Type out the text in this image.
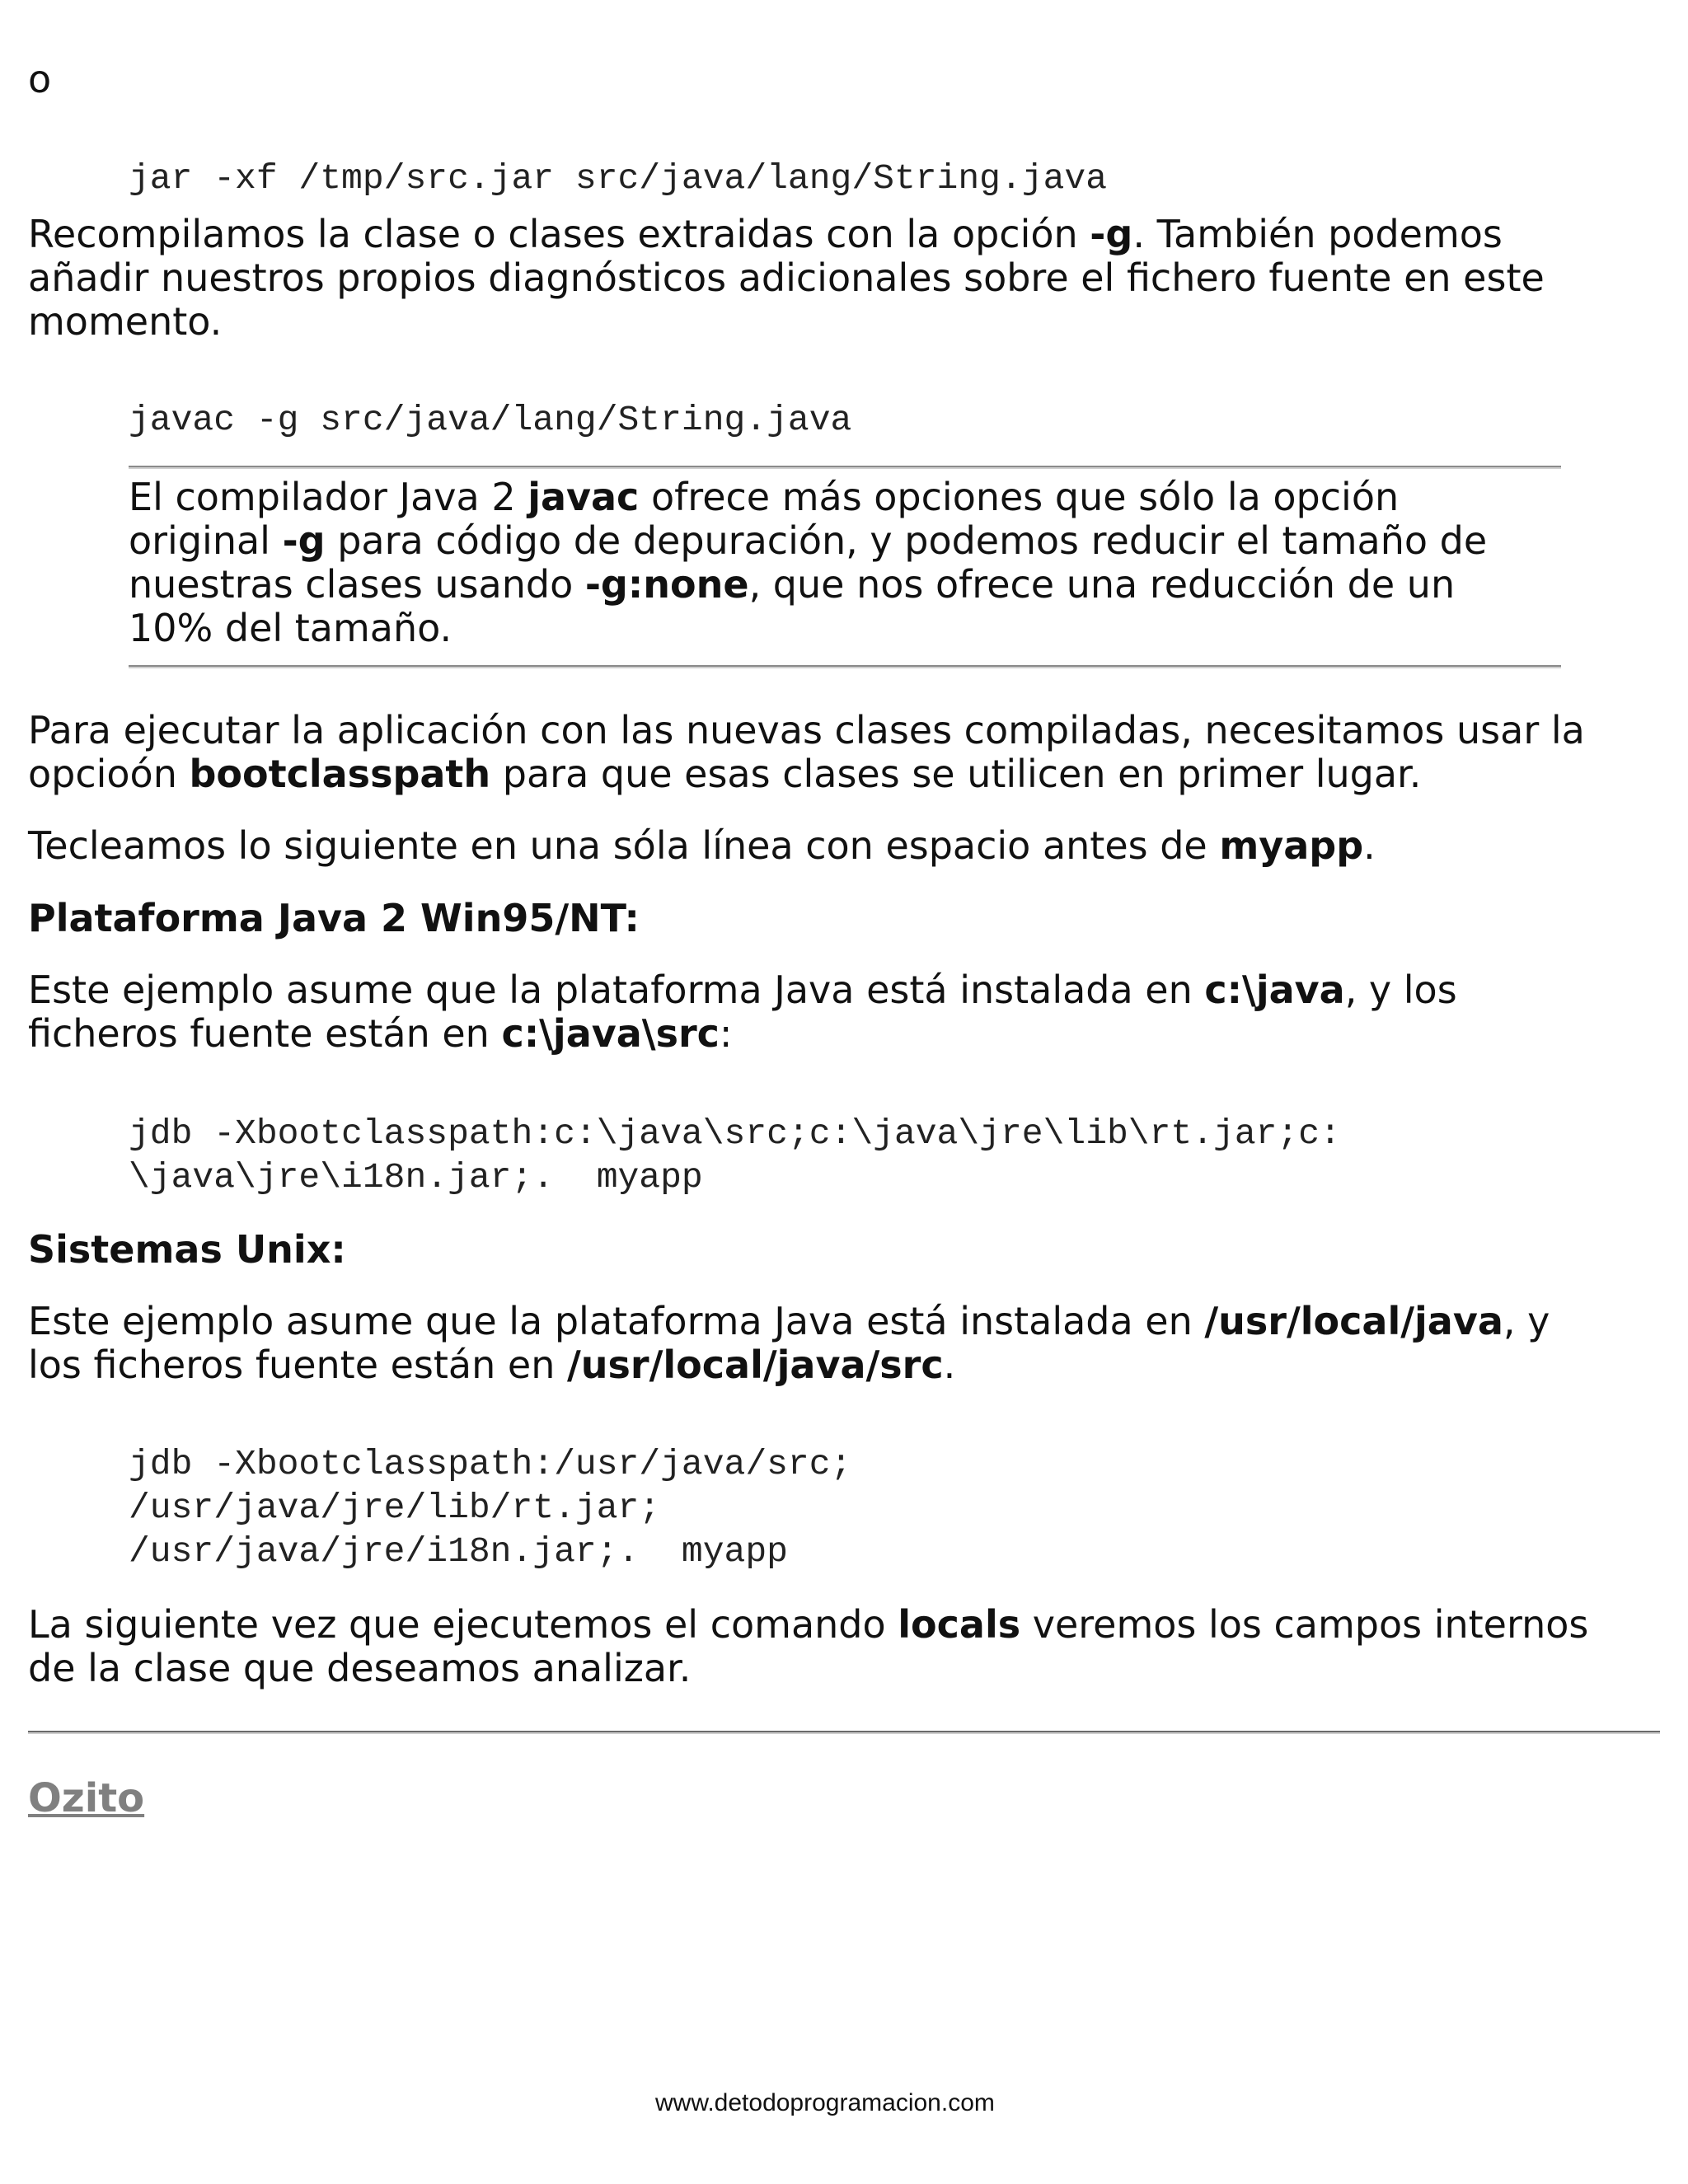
o
jar -xf /tmp/src.jar src/java/lang/String.java
Recompilamos la clase o clases extraidas con la opción -g. También podemos
añadir nuestros propios diagnósticos adicionales sobre el fichero fuente en este
momento.
javac -g src/java/lang/String.java
El compilador Java 2 javac ofrece más opciones que sólo la opción
original -g para código de depuración, y podemos reducir el tamaño de
nuestras clases usando -g:none, que nos ofrece una reducción de un
10% del tamaño.
Para ejecutar la aplicación con las nuevas clases compiladas, necesitamos usar la
opcioón bootclasspath para que esas clases se utilicen en primer lugar.
Tecleamos lo siguiente en una sóla línea con espacio antes de myapp.
Plataforma Java 2 Win95/NT:
Este ejemplo asume que la plataforma Java está instalada en c:\java, y los
ficheros fuente están en c:\java\src:
jdb -Xbootclasspath:c:\java\src;c:\java\jre\lib\rt.jar;c:
\java\jre\i18n.jar;.  myapp
Sistemas Unix:
Este ejemplo asume que la plataforma Java está instalada en /usr/local/java, y
los ficheros fuente están en /usr/local/java/src.
jdb -Xbootclasspath:/usr/java/src;
/usr/java/jre/lib/rt.jar;
/usr/java/jre/i18n.jar;.  myapp
La siguiente vez que ejecutemos el comando locals veremos los campos internos
de la clase que deseamos analizar.
Ozito
www.detodoprogramacion.com
